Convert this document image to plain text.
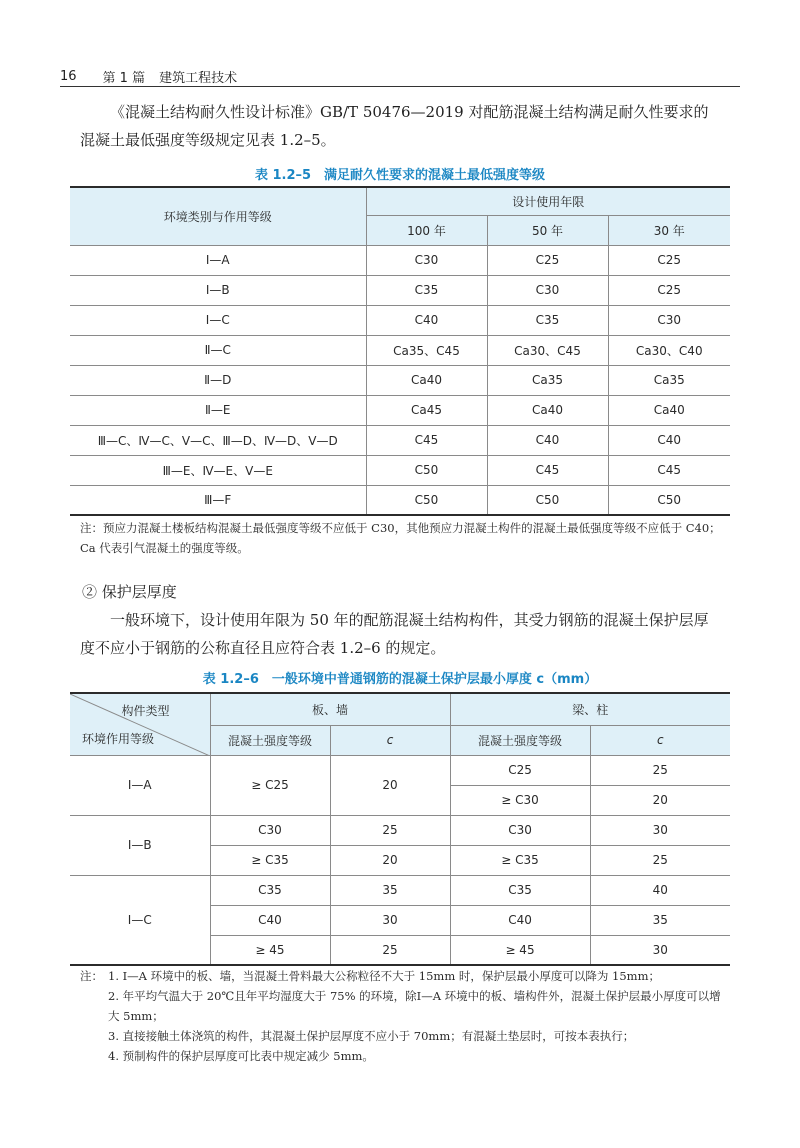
16 第 1 篇 建筑工程技术

《混凝土结构耐久性设计标准》GB/T 50476—2019 对配筋混凝土结构满足耐久性要求的混凝土最低强度等级规定见表 1.2–5。

表 1.2–5　满足耐久性要求的混凝土最低强度等级
环境类别与作用等级	设计使用年限		
	100 年	50 年	30 年
Ⅰ—A	C30	C25	C25
Ⅰ—B	C35	C30	C25
Ⅰ—C	C40	C35	C30
Ⅱ—C	Ca35、C45	Ca30、C45	Ca30、C40
Ⅱ—D	Ca40	Ca35	Ca35
Ⅱ—E	Ca45	Ca40	Ca40
Ⅲ—C、Ⅳ—C、Ⅴ—C、Ⅲ—D、Ⅳ—D、Ⅴ—D	C45	C40	C40
Ⅲ—E、Ⅳ—E、Ⅴ—E	C50	C45	C45
Ⅲ—F	C50	C50	C50

注：预应力混凝土楼板结构混凝土最低强度等级不应低于 C30，其他预应力混凝土构件的混凝土最低强度等级不应低于 C40；Ca 代表引气混凝土的强度等级。

② 保护层厚度

一般环境下，设计使用年限为 50 年的配筋混凝土结构构件，其受力钢筋的混凝土保护层厚度不应小于钢筋的公称直径且应符合表 1.2–6 的规定。

表 1.2–6　一般环境中普通钢筋的混凝土保护层最小厚度 c（mm）
构件类型
环境作用等级	板、墙		梁、柱	
	混凝土强度等级	c	混凝土强度等级	c
Ⅰ—A	≥ C25	20	C25	25
			≥ C30	20
Ⅰ—B	C30	25	C30	30
	≥ C35	20	≥ C35	25
Ⅰ—C	C35	35	C35	40
	C40	30	C40	35
	≥ 45	25	≥ 45	30
注： 1. Ⅰ—A 环境中的板、墙，当混凝土骨料最大公称粒径不大于 15mm 时，保护层最小厚度可以降为 15mm；
2. 年平均气温大于 20℃且年平均湿度大于 75% 的环境，除Ⅰ—A 环境中的板、墙构件外，混凝土保护层最小厚度可以增大 5mm；
3. 直接接触土体浇筑的构件，其混凝土保护层厚度不应小于 70mm；有混凝土垫层时，可按本表执行；
4. 预制构件的保护层厚度可比表中规定减少 5mm。
